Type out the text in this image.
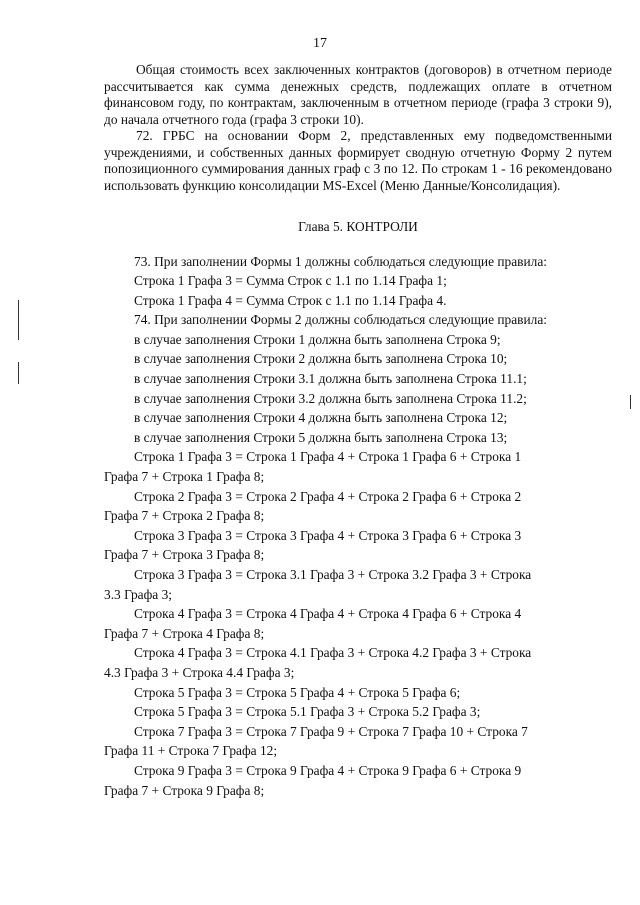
17

Общая стоимость всех заключенных контрактов (договоров) в отчетном периоде рассчитывается как сумма денежных средств, подлежащих оплате в отчетном финансовом году, по контрактам, заключенным в отчетном периоде (графа 3 строки 9), до начала отчетного года (графа 3 строки 10).

72. ГРБС на основании Форм 2, представленных ему подведомственными учреждениями, и собственных данных формирует сводную отчетную Форму 2 путем попозиционного суммирования данных граф с 3 по 12. По строкам 1 - 16 рекомендовано использовать функцию консолидации MS-Excel (Меню Данные/Консолидация).

Глава 5. КОНТРОЛИ

73. При заполнении Формы 1 должны соблюдаться следующие правила:

Строка 1 Графа 3 = Сумма Строк с 1.1 по 1.14 Графа 1;

Строка 1 Графа 4 = Сумма Строк с 1.1 по 1.14 Графа 4.

74. При заполнении Формы 2 должны соблюдаться следующие правила:

в случае заполнения Строки 1 должна быть заполнена Строка 9;

в случае заполнения Строки 2 должна быть заполнена Строка 10;

в случае заполнения Строки 3.1 должна быть заполнена Строка 11.1;

в случае заполнения Строки 3.2 должна быть заполнена Строка 11.2;

в случае заполнения Строки 4 должна быть заполнена Строка 12;

в случае заполнения Строки 5 должна быть заполнена Строка 13;

Строка 1 Графа 3 = Строка 1 Графа 4 + Строка 1 Графа 6 + Строка 1
Графа 7 + Строка 1 Графа 8;

Строка 2 Графа 3 = Строка 2 Графа 4 + Строка 2 Графа 6 + Строка 2
Графа 7 + Строка 2 Графа 8;

Строка 3 Графа 3 = Строка 3 Графа 4 + Строка 3 Графа 6 + Строка 3
Графа 7 + Строка 3 Графа 8;

Строка 3 Графа 3 = Строка 3.1 Графа 3 + Строка 3.2 Графа 3 + Строка
3.3 Графа 3;

Строка 4 Графа 3 = Строка 4 Графа 4 + Строка 4 Графа 6 + Строка 4
Графа 7 + Строка 4 Графа 8;

Строка 4 Графа 3 = Строка 4.1 Графа 3 + Строка 4.2 Графа 3 + Строка
4.3 Графа 3 + Строка 4.4 Графа 3;

Строка 5 Графа 3 = Строка 5 Графа 4 + Строка 5 Графа 6;

Строка 5 Графа 3 = Строка 5.1 Графа 3 + Строка 5.2 Графа 3;

Строка 7 Графа 3 = Строка 7 Графа 9 + Строка 7 Графа 10 + Строка 7
Графа 11 + Строка 7 Графа 12;

Строка 9 Графа 3 = Строка 9 Графа 4 + Строка 9 Графа 6 + Строка 9
Графа 7 + Строка 9 Графа 8;
